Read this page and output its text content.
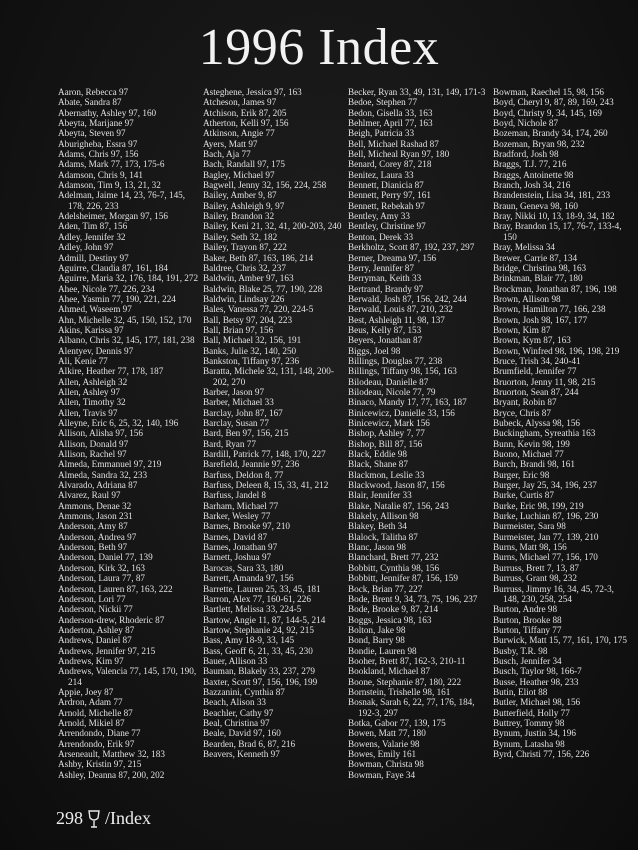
1996 Index
Aaron, Rebecca 97
Abate, Sandra 87
Abernathy, Ashley 97, 160
Abeyta, Marijane 97
Abeyta, Steven 97
Aburigheba, Essra 97
Adams, Chris 97, 156
Adams, Mark 77, 173, 175-6
Adamson, Chris 9, 141
Adamson, Tim 9, 13, 21, 32
Adelman, Jaime 14, 23, 76-7, 145, 178, 226, 233
Adelsheimer, Morgan 97, 156
Aden, Tim 87, 156
Adley, Jennifer 32
Adley, John 97
Admill, Destiny 97
Aguirre, Claudia 87, 161, 184
Aguirre, Maria 32, 176, 184, 191, 272
Ahee, Nicole 77, 226, 234
Ahee, Yasmin 77, 190, 221, 224
Ahmed, Waseem 97
Ahn, Michelle 32, 45, 150, 152, 170
Akins, Karissa 97
Albano, Chris 32, 145, 177, 181, 238
Alentyev, Dennis 97
Ali, Kenie 77
Alkire, Heather 77, 178, 187
Allen, Ashleigh 32
Allen, Ashley 97
Allen, Timothy 32
Allen, Travis 97
Alleyne, Eric 6, 25, 32, 140, 196
Allison, Alisha 97, 156
Allison, Donald 97
Allison, Rachel 97
Almeda, Emmanuel 97, 219
Almeda, Sandra 32, 233
Alvarado, Adriana 87
Alvarez, Raul 97
Ammons, Denae 32
Ammons, Jason 231
Anderson, Amy 87
Anderson, Andrea 97
Anderson, Beth 97
Anderson, Daniel 77, 139
Anderson, Kirk 32, 163
Anderson, Laura 77, 87
Anderson, Lauren 87, 163, 222
Anderson, Lori 77
Anderson, Nickii 77
Anderson-drew, Rhoderic 87
Anderton, Ashley 87
Andrews, Daniel 87
Andrews, Jennifer 97, 215
Andrews, Kim 97
Andrews, Valencia 77, 145, 170, 190, 214
Appie, Joey 87
Ardron, Adam 77
Arnold, Michelle 87
Arnold, Mikiel 87
Arrendondo, Diane 77
Arrendondo, Erik 97
Arseneault, Matthew 32, 183
Ashby, Kristin 97, 215
Ashley, Deanna 87, 200, 202
Asteghene, Jessica 97, 163
Atcheson, James 97
Atchison, Erik 87, 205
Atherton, Kelli 97, 156
Atkinson, Angie 77
Ayers, Matt 97
Bach, Aja 77
Bach, Randall 97, 175
Bagley, Michael 97
Bagwell, Jenny 32, 156, 224, 258
Bailey, Amber 9, 87
Bailey, Ashleigh 9, 97
Bailey, Brandon 32
Bailey, Keni 21, 32, 41, 200-203, 240
Bailey, Seth 32, 182
Bailey, Trayon 87, 222
Baker, Beth 87, 163, 186, 214
Baldree, Chris 32, 237
Baldwin, Amber 97, 163
Baldwin, Blake 25, 77, 190, 228
Baldwin, Lindsay 226
Bales, Vanessa 77, 220, 224-5
Ball, Betsy 97, 204, 223
Ball, Brian 97, 156
Ball, Michael 32, 156, 191
Banks, Julie 32, 140, 250
Bankston, Tiffany 97, 236
Baratta, Michele 32, 131, 148, 200-202, 270
Barber, Jason 97
Barber, Michael 33
Barclay, John 87, 167
Barclay, Susan 77
Bard, Ben 97, 156, 215
Bard, Ryan 77
Bardill, Patrick 77, 148, 170, 227
Barefield, Jeannie 97, 236
Barfuss, Deldon 8, 77
Barfuss, Deleen 8, 15, 33, 41, 212
Barfuss, Jandel 8
Barham, Michael 77
Barker, Wesley 77
Barnes, Brooke 97, 210
Barnes, David 87
Barnes, Jonathan 97
Barnett, Joshua 97
Barocas, Sara 33, 180
Barrett, Amanda 97, 156
Barrette, Lauren 25, 33, 45, 181
Barron, Alex 77, 160-61, 226
Bartlett, Melissa 33, 224-5
Bartow, Angie 11, 87, 144-5, 214
Bartow, Stephanie 24, 92, 215
Bass, Amy 18-9, 33, 145
Bass, Geoff 6, 21, 33, 45, 230
Bauer, Allison 33
Bauman, Blakely 33, 237, 279
Baxter, Scott 97, 156, 196, 199
Bazzanini, Cynthia 87
Beach, Alison 33
Beachler, Cathy 97
Beal, Christina 97
Beale, David 97, 160
Bearden, Brad 6, 87, 216
Beavers, Kenneth 97
Becker, Ryan 33, 49, 131, 149, 171-3
Bedoe, Stephen 77
Bedon, Gisella 33, 163
Behlmer, April 77, 163
Beigh, Patricia 33
Bell, Michael Rashad 87
Bell, Micheal Ryan 97, 180
Benard, Corey 87, 218
Benitez, Laura 33
Bennett, Dianicia 87
Bennett, Perry 97, 161
Bennett, Rebekah 97
Bentley, Amy 33
Bentley, Christine 97
Benton, Derek 33
Berkholtz, Scott 87, 192, 237, 297
Berner, Dreama 97, 156
Berry, Jennifer 87
Berryman, Keith 33
Bertrand, Brandy 97
Berwald, Josh 87, 156, 242, 244
Berwald, Louis 87, 210, 232
Best, Ashleigh 11, 98, 137
Beus, Kelly 87, 153
Beyers, Jonathan 87
Biggs, Joel 98
Billings, Douglas 77, 238
Billings, Tiffany 98, 156, 163
Bilodeau, Danielle 87
Bilodeau, Nicole 77, 79
Binaco, Mandy 17, 77, 163, 187
Binicewicz, Danielle 33, 156
Binicewicz, Mark 156
Bishop, Ashley 7, 77
Bishop, Bill 87, 156
Black, Eddie 98
Black, Shane 87
Blackmon, Leslie 33
Blackwood, Jason 87, 156
Blair, Jennifer 33
Blake, Natalie 87, 156, 243
Blakely, Allison 98
Blakey, Beth 34
Blalock, Talitha 87
Blanc, Jason 98
Blanchard, Brett 77, 232
Bobbitt, Cynthia 98, 156
Bobbitt, Jennifer 87, 156, 159
Bock, Brian 77, 227
Bode, Brent 9, 34, 73, 75, 196, 237
Bode, Brooke 9, 87, 214
Boggs, Jessica 98, 163
Bolton, Jake 98
Bond, Barry 98
Bondie, Lauren 98
Booher, Brett 87, 162-3, 210-11
Bookland, Michael 87
Boone, Stephanie 87, 180, 222
Bornstein, Trishelle 98, 161
Bosnak, Sarah 6, 22, 77, 176, 184, 192-3, 297
Botka, Gabor 77, 139, 175
Bowen, Matt 77, 180
Bowens, Valarie 98
Bowes, Emily 161
Bowman, Christa 98
Bowman, Faye 34
Bowman, Raechel 15, 98, 156
Boyd, Cheryl 9, 87, 89, 169, 243
Boyd, Christy 9, 34, 145, 169
Boyd, Nichole 87
Bozeman, Brandy 34, 174, 260
Bozeman, Bryan 98, 232
Bradford, Josh 98
Braggs, T.J. 77, 216
Braggs, Antoinette 98
Branch, Josh 34, 216
Brandenstein, Lisa 34, 181, 233
Braun, Geneva 98, 160
Bray, Nikki 10, 13, 18-9, 34, 182
Bray, Brandon 15, 17, 76-7, 133-4, 150
Bray, Melissa 34
Brewer, Carrie 87, 134
Bridge, Christina 98, 163
Brinkman, Blair 77, 180
Brockman, Jonathan 87, 196, 198
Brown, Allison 98
Brown, Hamilton 77, 166, 238
Brown, Josh 98, 167, 177
Brown, Kim 87
Brown, Kym 87, 163
Brown, Winfred 98, 196, 198, 219
Bruce, Trish 34, 240-41
Brumfield, Jennifer 77
Bruorton, Jenny 11, 98, 215
Bruorton, Sean 87, 244
Bryant, Robin 87
Bryce, Chris 87
Bubeck, Alyssa 98, 156
Buckingham, Syreathia 163
Bunn, Kevin 98, 199
Buono, Michael 77
Burch, Brandi 98, 161
Burger, Eric 98
Burger, Jay 25, 34, 196, 237
Burke, Curtis 87
Burke, Eric 98, 199, 219
Burke, Luchian 87, 196, 230
Burmeister, Sara 98
Burmeister, Jan 77, 139, 210
Burns, Matt 98, 156
Burns, Michael 77, 156, 170
Burruss, Brett 7, 13, 87
Burruss, Grant 98, 232
Burruss, Jimmy 16, 34, 45, 72-3, 148, 230, 258, 254
Burton, Andre 98
Burton, Brooke 88
Burton, Tiffany 77
Burwick, Matt 15, 77, 161, 170, 175
Busby, T.R. 98
Busch, Jennifer 34
Busch, Taylor 98, 166-7
Busse, Heather 98, 233
Butin, Eliot 88
Butler, Michael 98, 156
Butterfield, Holly 77
Buttrey, Tommy 98
Bynum, Justin 34, 196
Bynum, Latasha 98
Byrd, Christi 77, 156, 226
298 /Index
